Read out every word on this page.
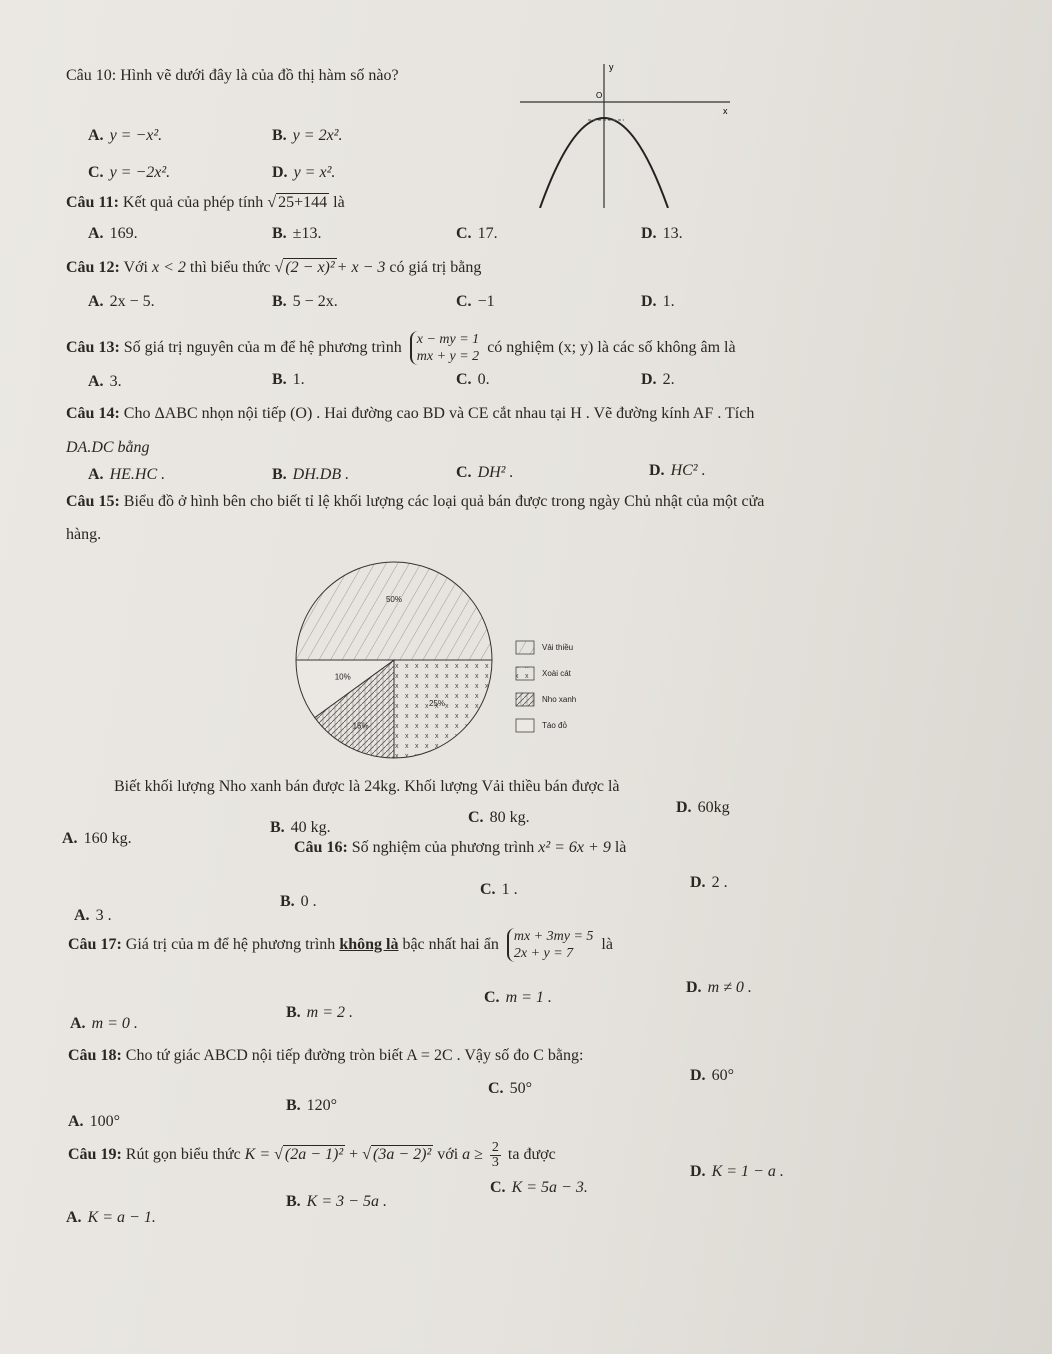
Câu 10: Hình vẽ dưới đây là của đồ thị hàm số nào?
A. y = −x².	B. y = 2x².
C. y = −2x².	D. y = x².
y
x
O
Câu 11: Kết quả của phép tính √ 25+144 là
A. 169.	B. ±13.	C. 17.	D. 13.
Câu 12: Với x < 2 thì biểu thức √ (2 − x)² + x − 3 có giá trị bằng
A. 2x − 5.	B. 5 − 2x.	C. −1	D. 1.
Câu 13: Số giá trị nguyên của m để hệ phương trình x − my = 1
mx + y = 2
có nghiệm (x; y) là các số không âm là
A. 3.	B. 1.	C. 0.	D. 2.
Câu 14: Cho ΔABC nhọn nội tiếp (O) . Hai đường cao BD và CE cắt nhau tại H . Vẽ đường kính AF . Tích
DA.DC bằng
A. HE.HC .	B. DH.DB .	C. DH² .	D. HC² .
Câu 15: Biểu đồ ở hình bên cho biết tỉ lệ khối lượng các loại quả bán được trong ngày Chủ nhật của một cửa
hàng.
50%
25%
15%
10%
Vải thiều
Xoài cát
Nho xanh
Táo đỏ
Biết khối lượng Nho xanh bán được là 24kg. Khối lượng Vải thiều bán được là
A. 160 kg.
B. 40 kg.
C. 80 kg.
D. 60kg
Câu 16: Số nghiệm của phương trình x² = 6x + 9 là
A. 3 .
B. 0 .
C. 1 .	D. 2 .
Câu 17: Giá trị của m để hệ phương trình không là bậc nhất hai ẩn mx + 3my = 5
2x + y = 7
là
A. m = 0 .
B. m = 2 .
C. m = 1 .
D. m ≠ 0 .
Câu 18: Cho tứ giác ABCD nội tiếp đường tròn biết A = 2C . Vậy số đo C bằng:
A. 100°
B. 120°
C. 50°
D. 60°
Câu 19: Rút gọn biểu thức K = √ (2a − 1)² + √ (3a − 2)² với $a \ge \frac{2}{3}$ ta được
A. K = a − 1.
B. K = 3 − 5a .
C. K = 5a − 3.
D. K = 1 − a .
